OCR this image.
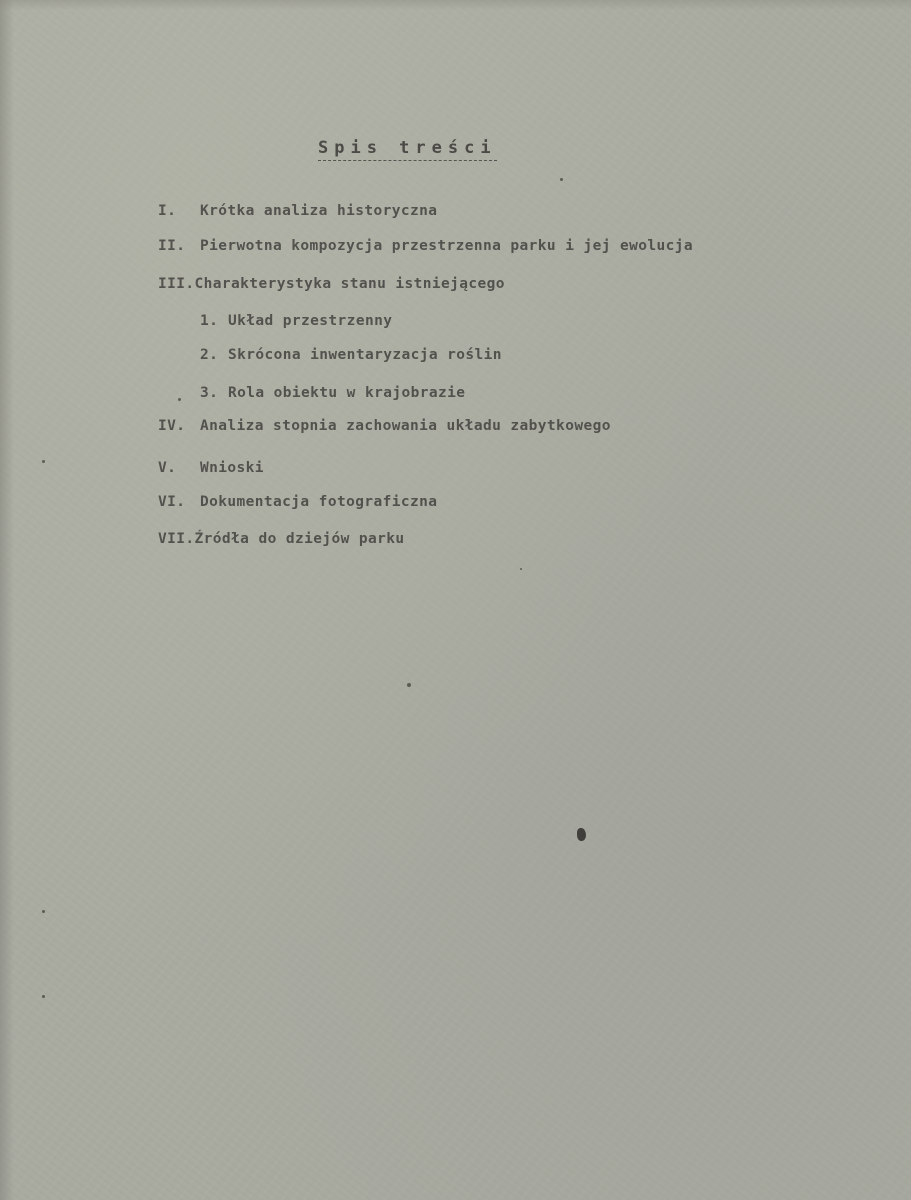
Spis treści
I. Krótka analiza historyczna
II. Pierwotna kompozycja przestrzenna parku i jej ewolucja
III.Charakterystyka stanu istniejącego
1. Układ przestrzenny
2. Skrócona inwentaryzacja roślin
3. Rola obiektu w krajobrazie
IV. Analiza stopnia zachowania układu zabytkowego
V. Wnioski
VI. Dokumentacja fotograficzna
VII.Źródła do dziejów parku
